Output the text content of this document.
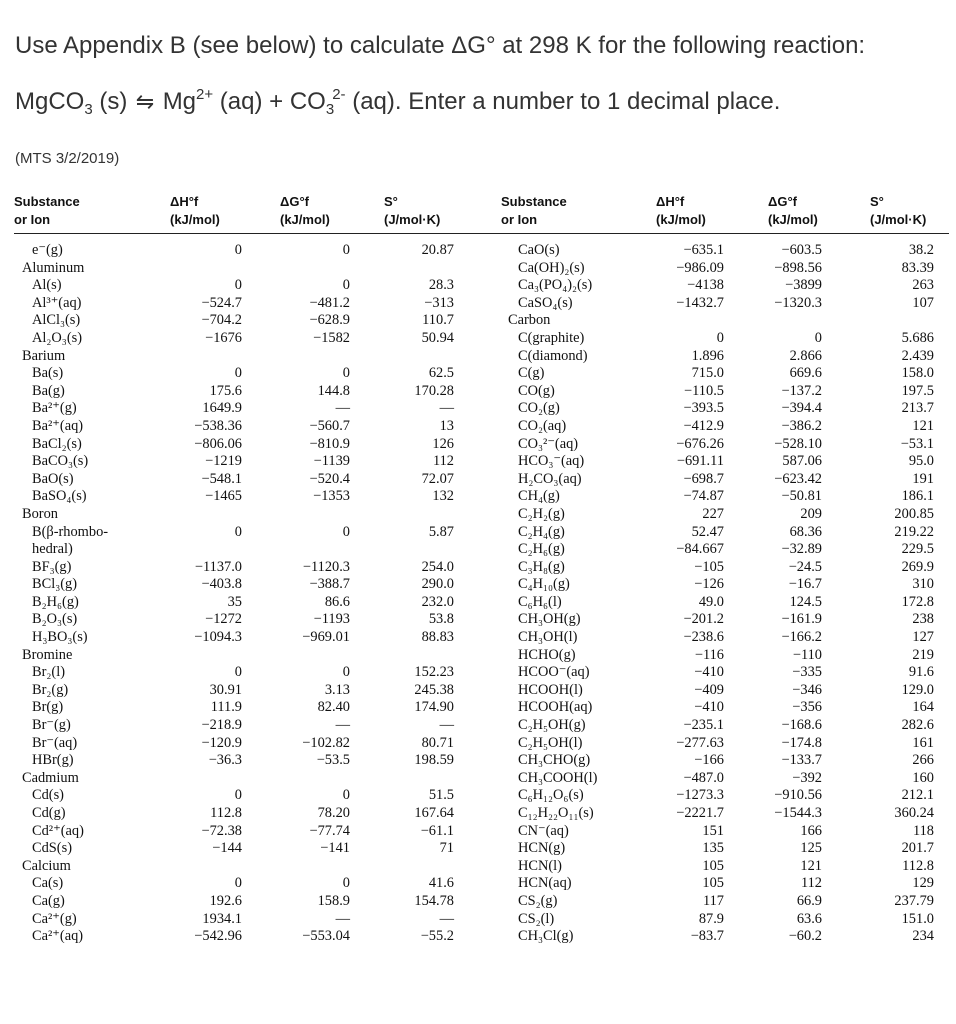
Use Appendix B (see below) to calculate ΔG° at 298 K for the following reaction:
MgCO$_3$ (s) ⇋ $Mg^{2+}$ $(aq) + CO_3^{2-}$ (aq). Enter a number to 1 decimal place.
(MTS 3/2/2019)
Substance
or Ion
ΔH°f
(kJ/mol)
ΔG°f
(kJ/mol)
S°
(J/mol·K)
Substance
or Ion
ΔH°f
(kJ/mol)
ΔG°f
(kJ/mol)
S°
(J/mol·K)
e⁻(g)
Aluminum
Al(s)
Al³⁺(aq)
AlCl₃(s)
Al₂O₃(s)
Barium
Ba(s)
Ba(g)
Ba²⁺(g)
Ba²⁺(aq)
BaCl₂(s)
BaCO₃(s)
BaO(s)
BaSO₄(s)
Boron
B(β-rhombo-
hedral)
BF₃(g)
BCl₃(g)
B₂H₆(g)
B₂O₃(s)
H₃BO₃(s)
Bromine
Br₂(l)
Br₂(g)
Br(g)
Br⁻(g)
Br⁻(aq)
HBr(g)
Cadmium
Cd(s)
Cd(g)
Cd²⁺(aq)
CdS(s)
Calcium
Ca(s)
Ca(g)
Ca²⁺(g)
Ca²⁺(aq)
0
0
−524.7
−704.2
−1676
0
175.6
1649.9
−538.36
−806.06
−1219
−548.1
−1465
0
−1137.0
−403.8
35
−1272
−1094.3
0
30.91
111.9
−218.9
−120.9
−36.3
0
112.8
−72.38
−144
0
192.6
1934.1
−542.96
0
0
−481.2
−628.9
−1582
0
144.8
—
−560.7
−810.9
−1139
−520.4
−1353
0
−1120.3
−388.7
86.6
−1193
−969.01
0
3.13
82.40
—
−102.82
−53.5
0
78.20
−77.74
−141
0
158.9
—
−553.04
20.87
28.3
−313
110.7
50.94
62.5
170.28
—
13
126
112
72.07
132
5.87
254.0
290.0
232.0
53.8
88.83
152.23
245.38
174.90
—
80.71
198.59
51.5
167.64
−61.1
71
41.6
154.78
—
−55.2
CaO(s)
Ca(OH)₂(s)
Ca₃(PO₄)₂(s)
CaSO₄(s)
Carbon
C(graphite)
C(diamond)
C(g)
CO(g)
CO₂(g)
CO₂(aq)
CO₃²⁻(aq)
HCO₃⁻(aq)
H₂CO₃(aq)
CH₄(g)
C₂H₂(g)
C₂H₄(g)
C₂H₆(g)
C₃H₈(g)
C₄H₁₀(g)
C₆H₆(l)
CH₃OH(g)
CH₃OH(l)
HCHO(g)
HCOO⁻(aq)
HCOOH(l)
HCOOH(aq)
C₂H₅OH(g)
C₂H₅OH(l)
CH₃CHO(g)
CH₃COOH(l)
C₆H₁₂O₆(s)
C₁₂H₂₂O₁₁(s)
CN⁻(aq)
HCN(g)
HCN(l)
HCN(aq)
CS₂(g)
CS₂(l)
CH₃Cl(g)
−635.1
−986.09
−4138
−1432.7
0
1.896
715.0
−110.5
−393.5
−412.9
−676.26
−691.11
−698.7
−74.87
227
52.47
−84.667
−105
−126
49.0
−201.2
−238.6
−116
−410
−409
−410
−235.1
−277.63
−166
−487.0
−1273.3
−2221.7
151
135
105
105
117
87.9
−83.7
−603.5
−898.56
−3899
−1320.3
0
2.866
669.6
−137.2
−394.4
−386.2
−528.10
587.06
−623.42
−50.81
209
68.36
−32.89
−24.5
−16.7
124.5
−161.9
−166.2
−110
−335
−346
−356
−168.6
−174.8
−133.7
−392
−910.56
−1544.3
166
125
121
112
66.9
63.6
−60.2
38.2
83.39
263
107
5.686
2.439
158.0
197.5
213.7
121
−53.1
95.0
191
186.1
200.85
219.22
229.5
269.9
310
172.8
238
127
219
91.6
129.0
164
282.6
161
266
160
212.1
360.24
118
201.7
112.8
129
237.79
151.0
234
